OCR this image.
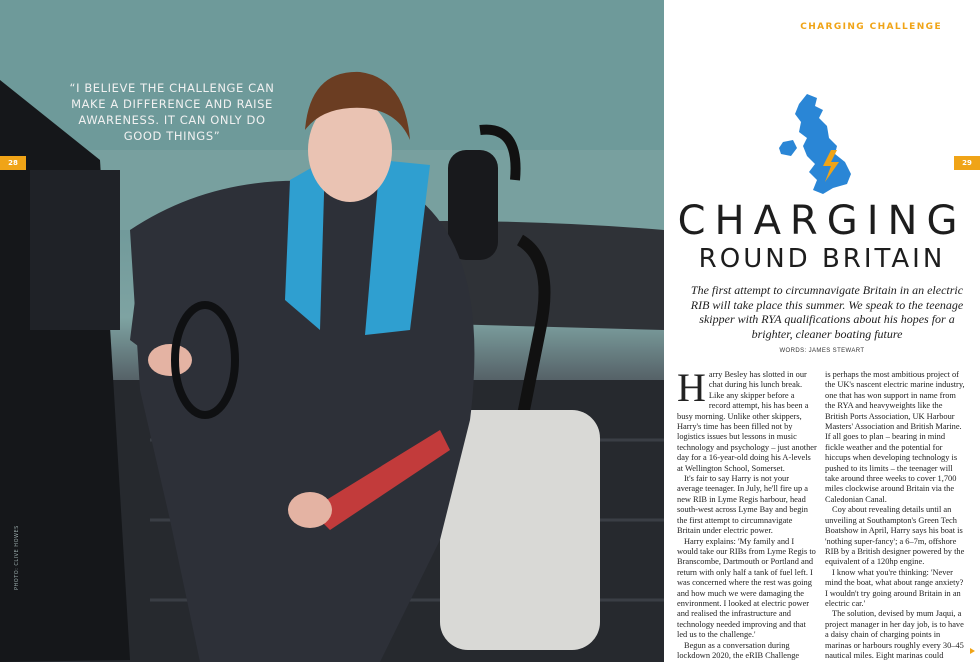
“I BELIEVE THE CHALLENGE CAN MAKE A DIFFERENCE AND RAISE AWARENESS. IT CAN ONLY DO GOOD THINGS”
28
PHOTO: CLIVE HOWES
CHARGING CHALLENGE
29
CHARGING
ROUND BRITAIN
The first attempt to circumnavigate Britain in an electric RIB will take place this summer. We speak to the teenage skipper with RYA qualifications about his hopes for a brighter, cleaner boating future
WORDS: JAMES STEWART

Harry Besley has slotted in our chat during his lunch break. Like any skipper before a record attempt, his has been a busy morning. Unlike other skippers, Harry's time has been filled not by logistics issues but lessons in music technology and psychology – just another day for a 16-year-old doing his A-levels at Wellington School, Somerset.

It's fair to say Harry is not your average teenager. In July, he'll fire up a new RIB in Lyme Regis harbour, head south-west across Lyme Bay and begin the first attempt to circumnavigate Britain under electric power.

Harry explains: 'My family and I would take our RIBs from Lyme Regis to Branscombe, Dartmouth or Portland and return with only half a tank of fuel left. I was concerned where the rest was going and how much we were damaging the environment. I looked at electric power and realised the infrastructure and technology needed improving and that led us to the challenge.'

Begun as a conversation during lockdown 2020, the eRIB Challenge

is perhaps the most ambitious project of the UK's nascent electric marine industry, one that has won support in name from the RYA and heavyweights like the British Ports Association, UK Harbour Masters' Association and British Marine. If all goes to plan – bearing in mind fickle weather and the potential for hiccups when developing technology is pushed to its limits – the teenager will take around three weeks to cover 1,700 miles clockwise around Britain via the Caledonian Canal.

Coy about revealing details until an unveiling at Southampton's Green Tech Boatshow in April, Harry says his boat is 'nothing super-fancy'; a 6–7m, offshore RIB by a British designer powered by the equivalent of a 120hp engine.

I know what you're thinking: 'Never mind the boat, what about range anxiety? I wouldn't try going around Britain in an electric car.'

The solution, devised by mum Jaqui, a project manager in her day job, is to have a daisy chain of charging points in marinas or harbours roughly every 30–45 nautical miles. Eight marinas could
